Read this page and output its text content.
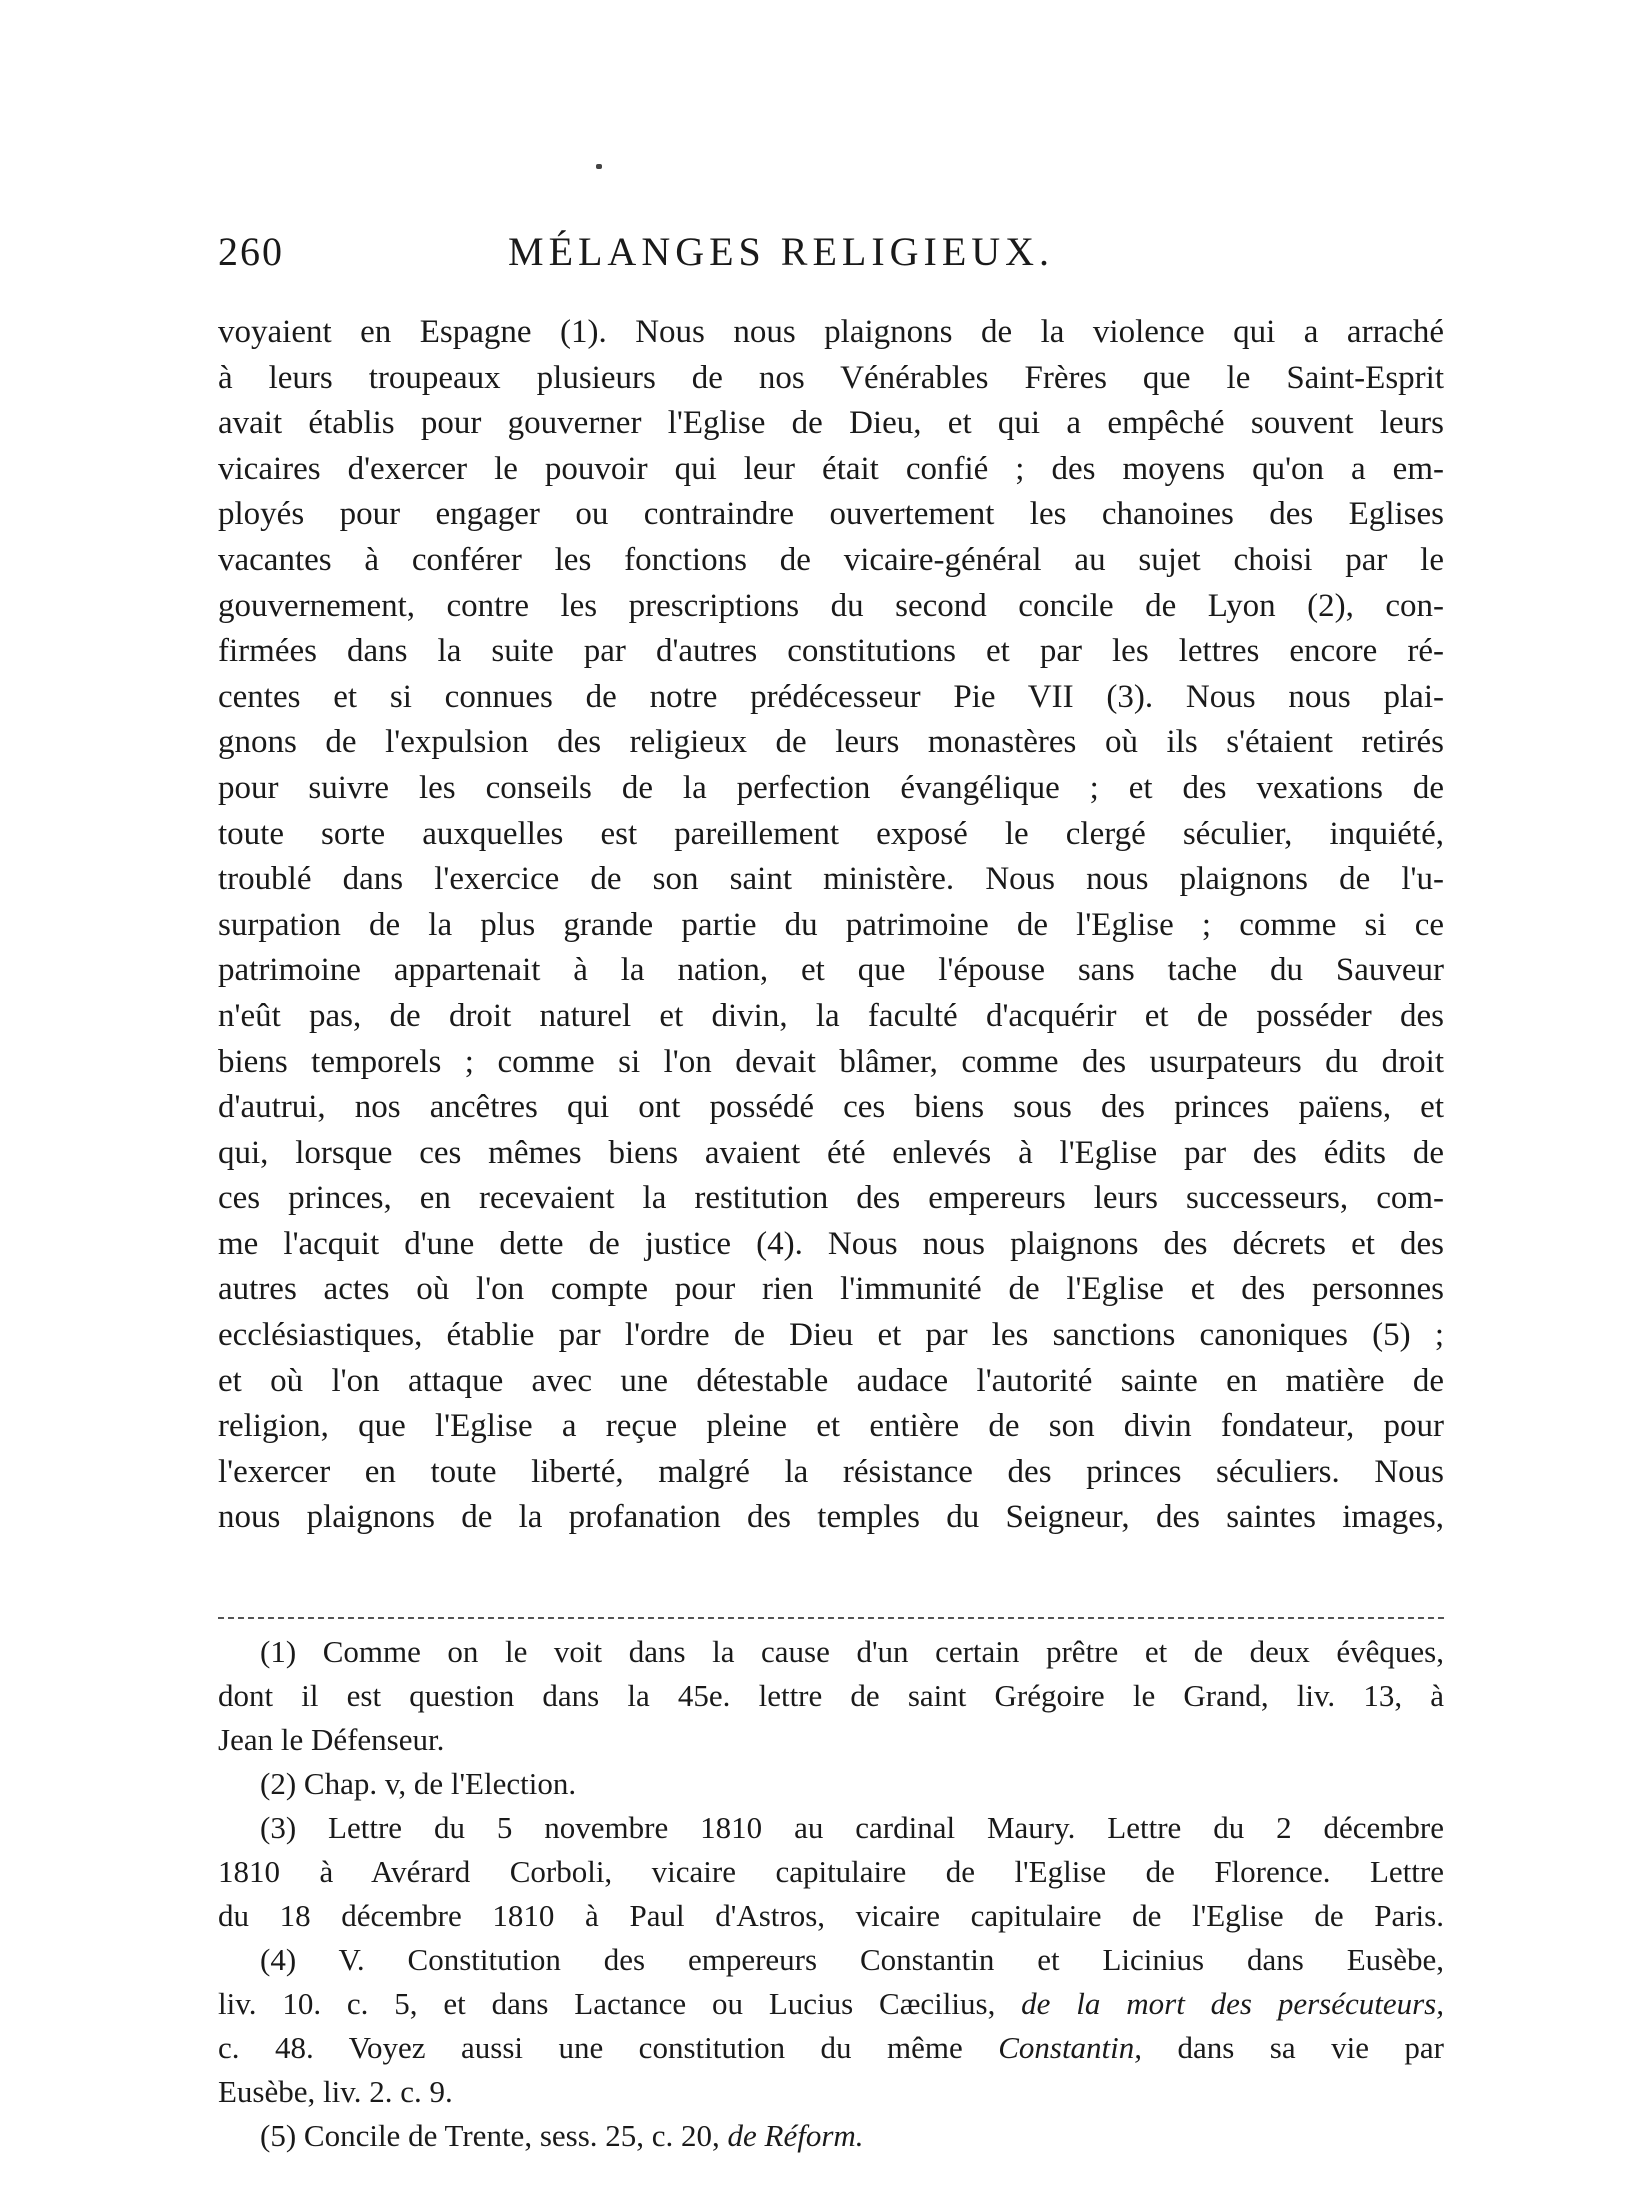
260	MÉLANGES RELIGIEUX.
voyaient en Espagne (1). Nous nous plaignons de la violence qui a arraché
à leurs troupeaux plusieurs de nos Vénérables Frères que le Saint-Esprit
avait établis pour gouverner l'Eglise de Dieu, et qui a empêché souvent leurs
vicaires d'exercer le pouvoir qui leur était confié ; des moyens qu'on a em-
ployés pour engager ou contraindre ouvertement les chanoines des Eglises
vacantes à conférer les fonctions de vicaire-général au sujet choisi par le
gouvernement, contre les prescriptions du second concile de Lyon (2), con-
firmées dans la suite par d'autres constitutions et par les lettres encore ré-
centes et si connues de notre prédécesseur Pie VII (3). Nous nous plai-
gnons de l'expulsion des religieux de leurs monastères où ils s'étaient retirés
pour suivre les conseils de la perfection évangélique ; et des vexations de
toute sorte auxquelles est pareillement exposé le clergé séculier, inquiété,
troublé dans l'exercice de son saint ministère. Nous nous plaignons de l'u-
surpation de la plus grande partie du patrimoine de l'Eglise ; comme si ce
patrimoine appartenait à la nation, et que l'épouse sans tache du Sauveur
n'eût pas, de droit naturel et divin, la faculté d'acquérir et de posséder des
biens temporels ; comme si l'on devait blâmer, comme des usurpateurs du droit
d'autrui, nos ancêtres qui ont possédé ces biens sous des princes païens, et
qui, lorsque ces mêmes biens avaient été enlevés à l'Eglise par des édits de
ces princes, en recevaient la restitution des empereurs leurs successeurs, com-
me l'acquit d'une dette de justice (4). Nous nous plaignons des décrets et des
autres actes où l'on compte pour rien l'immunité de l'Eglise et des personnes
ecclésiastiques, établie par l'ordre de Dieu et par les sanctions canoniques (5) ;
et où l'on attaque avec une détestable audace l'autorité sainte en matière de
religion, que l'Eglise a reçue pleine et entière de son divin fondateur, pour
l'exercer en toute liberté, malgré la résistance des princes séculiers. Nous
nous plaignons de la profanation des temples du Seigneur, des saintes images,
(1) Comme on le voit dans la cause d'un certain prêtre et de deux évêques,
dont il est question dans la 45e. lettre de saint Grégoire le Grand, liv. 13, à
Jean le Défenseur.
(2) Chap. v, de l'Election.
(3) Lettre du 5 novembre 1810 au cardinal Maury. Lettre du 2 décembre
1810 à Avérard Corboli, vicaire capitulaire de l'Eglise de Florence. Lettre
du 18 décembre 1810 à Paul d'Astros, vicaire capitulaire de l'Eglise de Paris.
(4) V. Constitution des empereurs Constantin et Licinius dans Eusèbe,
liv. 10. c. 5, et dans Lactance ou Lucius Cæcilius, de la mort des persécuteurs,
c. 48. Voyez aussi une constitution du même Constantin, dans sa vie par
Eusèbe, liv. 2. c. 9.
(5) Concile de Trente, sess. 25, c. 20, de Réform.
